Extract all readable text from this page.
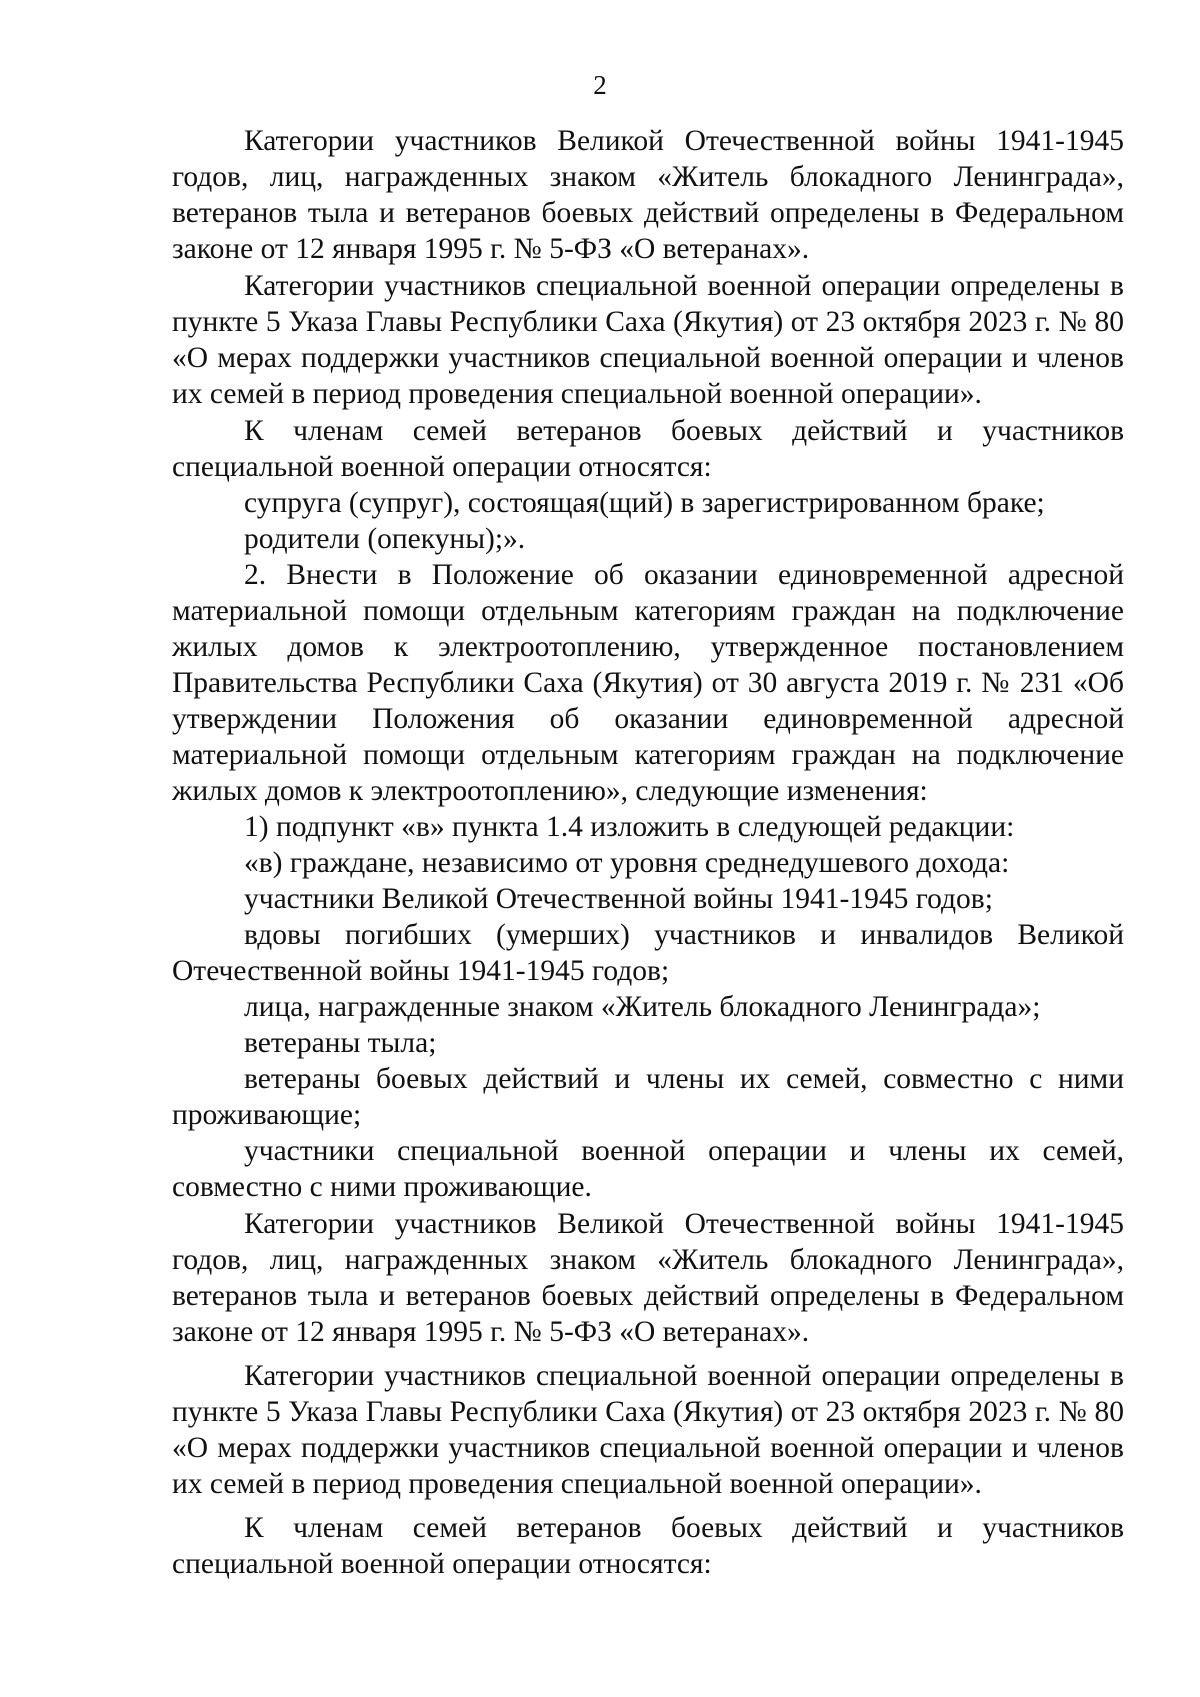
2

Категории участников Великой Отечественной войны 1941-1945 годов, лиц, награжденных знаком «Житель блокадного Ленинграда», ветеранов тыла и ветеранов боевых действий определены в Федеральном законе от 12 января 1995 г. № 5-ФЗ «О ветеранах».

Категории участников специальной военной операции определены в пункте 5 Указа Главы Республики Саха (Якутия) от 23 октября 2023 г. № 80 «О мерах поддержки участников специальной военной операции и членов их семей в период проведения специальной военной операции».

К членам семей ветеранов боевых действий и участников специальной военной операции относятся:

супруга (супруг), состоящая(щий) в зарегистрированном браке;

родители (опекуны);».

2. Внести в Положение об оказании единовременной адресной материальной помощи отдельным категориям граждан на подключение жилых домов к электроотоплению, утвержденное постановлением Правительства Республики Саха (Якутия) от 30 августа 2019 г. № 231 «Об утверждении Положения об оказании единовременной адресной материальной помощи отдельным категориям граждан на подключение жилых домов к электроотоплению», следующие изменения:

1) подпункт «в» пункта 1.4 изложить в следующей редакции:

«в) граждане, независимо от уровня среднедушевого дохода:

участники Великой Отечественной войны 1941-1945 годов;

вдовы погибших (умерших) участников и инвалидов Великой Отечественной войны 1941-1945 годов;

лица, награжденные знаком «Житель блокадного Ленинграда»;

ветераны тыла;

ветераны боевых действий и члены их семей, совместно с ними проживающие;

участники специальной военной операции и члены их семей, совместно с ними проживающие.

Категории участников Великой Отечественной войны 1941-1945 годов, лиц, награжденных знаком «Житель блокадного Ленинграда», ветеранов тыла и ветеранов боевых действий определены в Федеральном законе от 12 января 1995 г. № 5-ФЗ «О ветеранах».

Категории участников специальной военной операции определены в пункте 5 Указа Главы Республики Саха (Якутия) от 23 октября 2023 г. № 80 «О мерах поддержки участников специальной военной операции и членов их семей в период проведения специальной военной операции».

К членам семей ветеранов боевых действий и участников специальной военной операции относятся:
